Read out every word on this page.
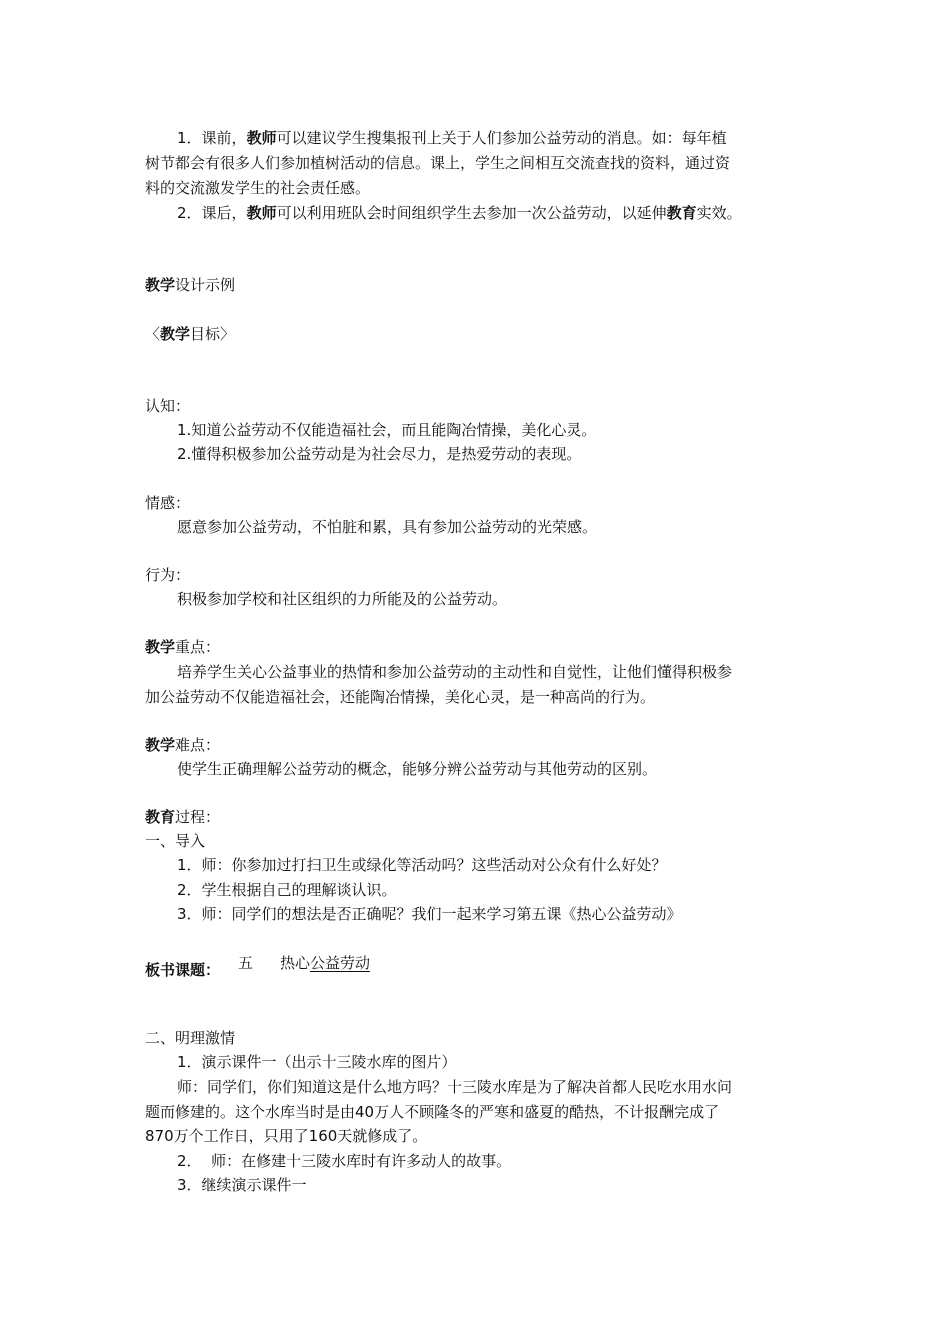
1．课前，教师可以建议学生搜集报刊上关于人们参加公益劳动的消息。如：每年植
树节都会有很多人们参加植树活动的信息。课上，学生之间相互交流查找的资料，通过资
料的交流激发学生的社会责任感。
2．课后，教师可以利用班队会时间组织学生去参加一次公益劳动，以延伸教育实效。
教学设计示例
〈教学目标〉
认知：
1.知道公益劳动不仅能造福社会，而且能陶冶情操，美化心灵。
2.懂得积极参加公益劳动是为社会尽力，是热爱劳动的表现。
情感：
愿意参加公益劳动，不怕脏和累，具有参加公益劳动的光荣感。
行为：
积极参加学校和社区组织的力所能及的公益劳动。
教学重点：
培养学生关心公益事业的热情和参加公益劳动的主动性和自觉性，让他们懂得积极参
加公益劳动不仅能造福社会，还能陶冶情操，美化心灵，是一种高尚的行为。
教学难点：
使学生正确理解公益劳动的概念，能够分辨公益劳动与其他劳动的区别。
教育过程：
一、导入
1．师：你参加过打扫卫生或绿化等活动吗？这些活动对公众有什么好处？
2．学生根据自己的理解谈认识。
3．师：同学们的想法是否正确呢？我们一起来学习第五课《热心公益劳动》
板书课题： 五 热心公益劳动
二、明理激情
1．演示课件一（出示十三陵水库的图片）
师：同学们，你们知道这是什么地方吗？十三陵水库是为了解决首都人民吃水用水问
题而修建的。这个水库当时是由40万人不顾隆冬的严寒和盛夏的酷热，不计报酬完成了
870万个工作日，只用了160天就修成了。
2．  师：在修建十三陵水库时有许多动人的故事。
3．继续演示课件一
